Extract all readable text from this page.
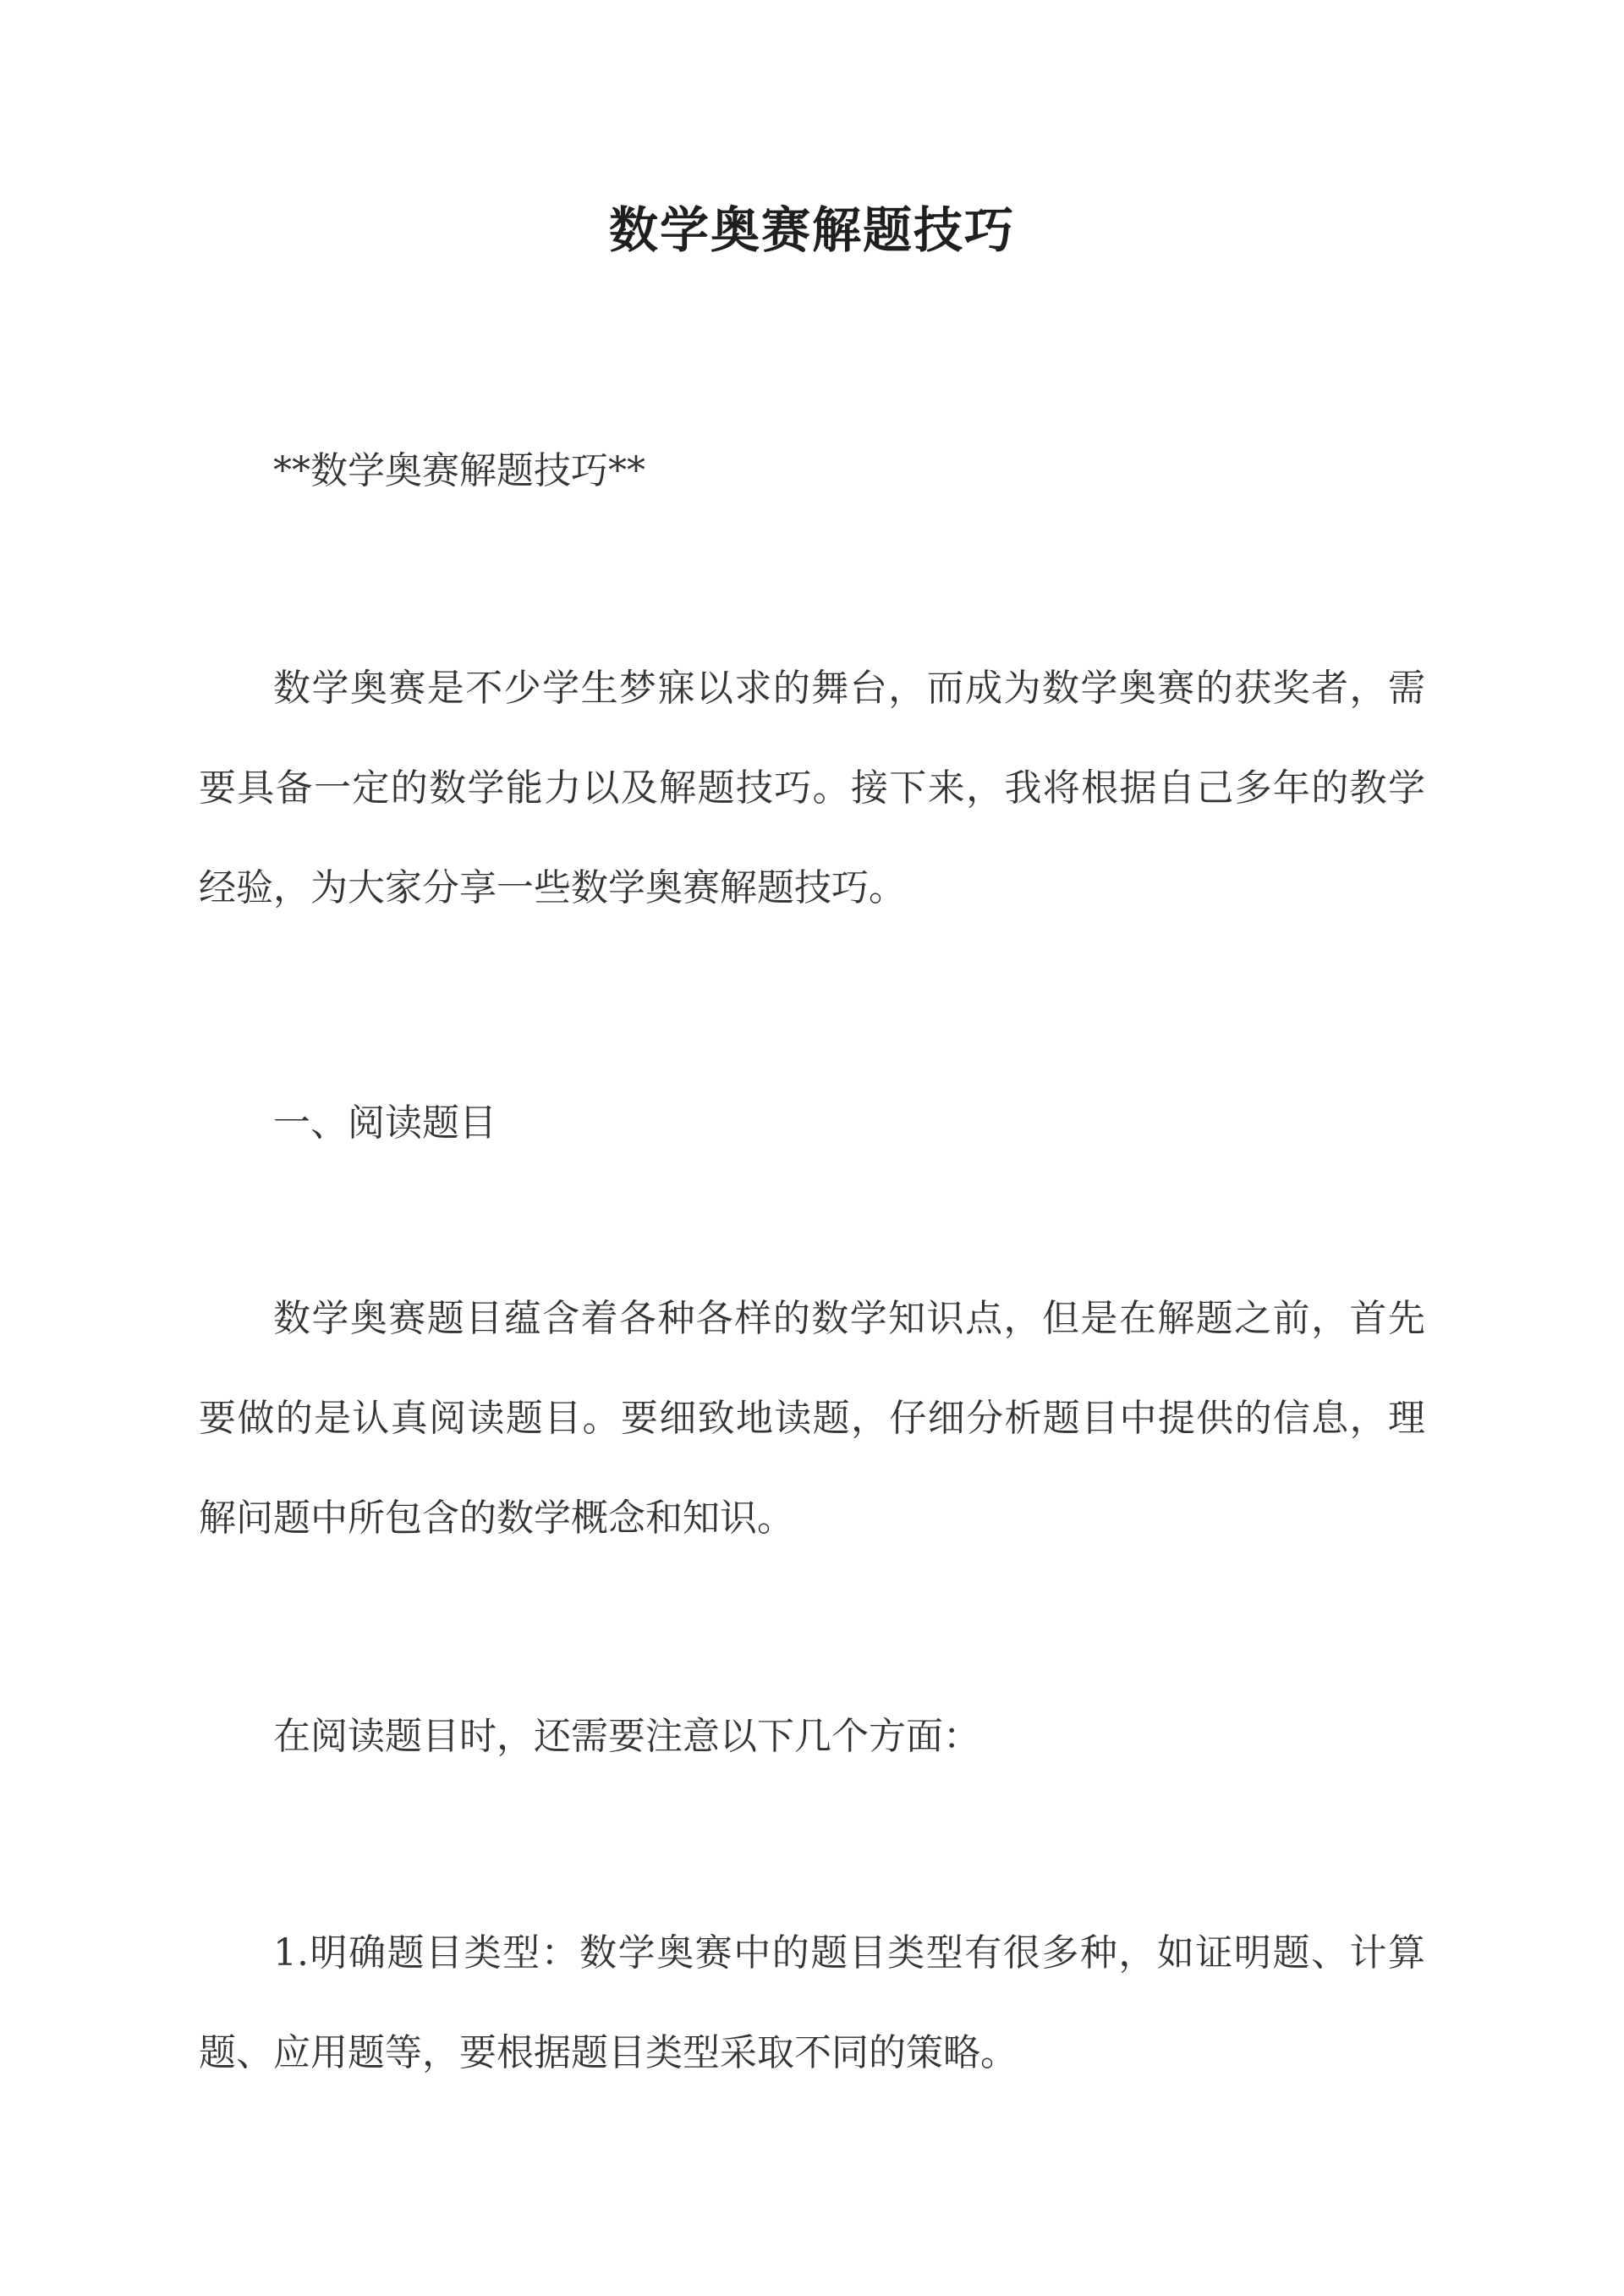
数学奥赛解题技巧
**数学奥赛解题技巧**
数学奥赛是不少学生梦寐以求的舞台，而成为数学奥赛的获奖者，需要具备一定的数学能力以及解题技巧。接下来，我将根据自己多年的教学经验，为大家分享一些数学奥赛解题技巧。
一、阅读题目
数学奥赛题目蕴含着各种各样的数学知识点，但是在解题之前，首先要做的是认真阅读题目。要细致地读题，仔细分析题目中提供的信息，理解问题中所包含的数学概念和知识。
在阅读题目时，还需要注意以下几个方面：
1.明确题目类型：数学奥赛中的题目类型有很多种，如证明题、计算题、应用题等，要根据题目类型采取不同的策略。
